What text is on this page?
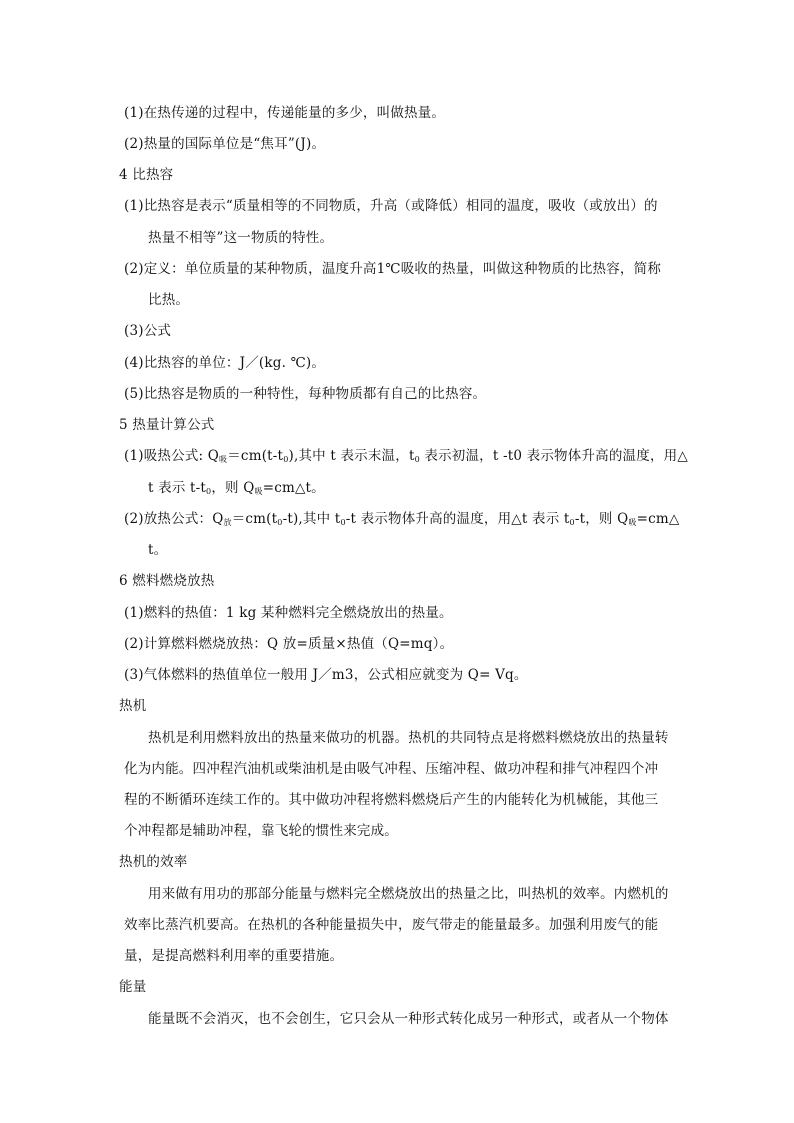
(1)在热传递的过程中，传递能量的多少，叫做热量。
(2)热量的国际单位是“焦耳”(J)。
4 比热容
(1)比热容是表示“质量相等的不同物质，升高（或降低）相同的温度，吸收（或放出）的
热量不相等”这一物质的特性。
(2)定义：单位质量的某种物质，温度升高1℃吸收的热量，叫做这种物质的比热容，简称
比热。
(3)公式
(4)比热容的单位：J／(kg. ℃)。
(5)比热容是物质的一种特性，每种物质都有自己的比热容。
5 热量计算公式
(1)吸热公式: $Q_吸=cm(t-t_0)$,其中 t 表示末温，$t_0$ 表示初温，t -t0 表示物体升高的温度，用△
t 表示 $t-t_0$，则 $Q_吸=cm\triangle t$。
(2)放热公式：$Q_放=cm(t_0-t)$,其中 $t_0-t$ 表示物体升高的温度，用△t 表示 $t_0-t$，则 $Q_吸=cm\triangle$
t。
6 燃料燃烧放热
(1)燃料的热值：1 kg 某种燃料完全燃烧放出的热量。
(2)计算燃料燃烧放热：Q 放=质量×热值（Q=mq）。
(3)气体燃料的热值单位一般用 J／m3，公式相应就变为 Q= Vq。
热机
热机是利用燃料放出的热量来做功的机器。热机的共同特点是将燃料燃烧放出的热量转
化为内能。四冲程汽油机或柴油机是由吸气冲程、压缩冲程、做功冲程和排气冲程四个冲
程的不断循环连续工作的。其中做功冲程将燃料燃烧后产生的内能转化为机械能，其他三
个冲程都是辅助冲程，靠飞轮的惯性来完成。
热机的效率
用来做有用功的那部分能量与燃料完全燃烧放出的热量之比，叫热机的效率。内燃机的
效率比蒸汽机要高。在热机的各种能量损失中，废气带走的能量最多。加强利用废气的能
量，是提高燃料利用率的重要措施。
能量
能量既不会消灭，也不会创生，它只会从一种形式转化成另一种形式，或者从一个物体
